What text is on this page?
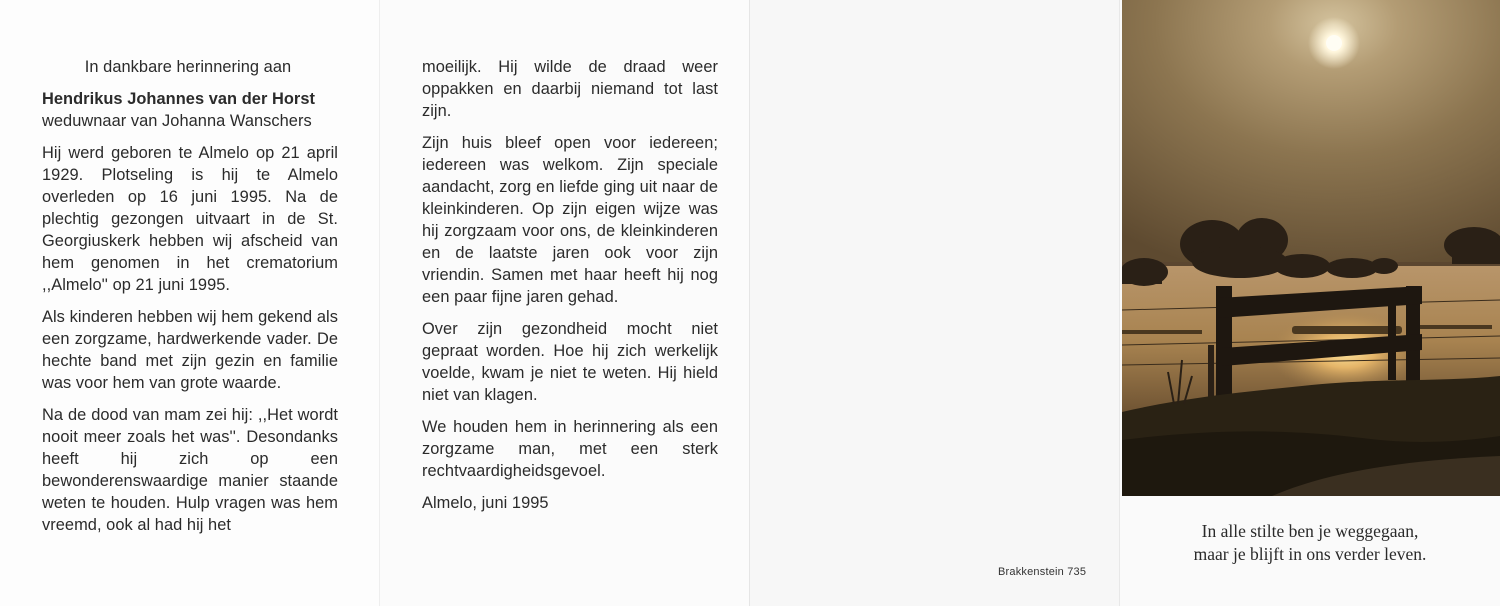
In dankbare herinnering aan

Hendrikus Johannes van der Horst

weduwnaar van Johanna Wanschers

Hij werd geboren te Almelo op 21 april 1929. Plotseling is hij te Almelo overleden op 16 juni 1995. Na de plechtig gezongen uitvaart in de St. Georgiuskerk hebben wij afscheid van hem genomen in het crematorium ,,Almelo'' op 21 juni 1995.

Als kinderen hebben wij hem gekend als een zorgzame, hardwerkende vader. De hechte band met zijn gezin en familie was voor hem van grote waarde.

Na de dood van mam zei hij: ,,Het wordt nooit meer zoals het was''. Desondanks heeft hij zich op een bewonderenswaardige manier staande weten te houden. Hulp vragen was hem vreemd, ook al had hij het

moeilijk. Hij wilde de draad weer oppakken en daarbij niemand tot last zijn.

Zijn huis bleef open voor iedereen; iedereen was welkom. Zijn speciale aandacht, zorg en liefde ging uit naar de kleinkinderen. Op zijn eigen wijze was hij zorgzaam voor ons, de kleinkinderen en de laatste jaren ook voor zijn vriendin. Samen met haar heeft hij nog een paar fijne jaren gehad.

Over zijn gezondheid mocht niet gepraat worden. Hoe hij zich werkelijk voelde, kwam je niet te weten. Hij hield niet van klagen.

We houden hem in herinnering als een zorgzame man, met een sterk rechtvaardigheidsgevoel.

Almelo, juni 1995

Brakkenstein 735
In alle stilte ben je weggegaan,
maar je blijft in ons verder leven.
